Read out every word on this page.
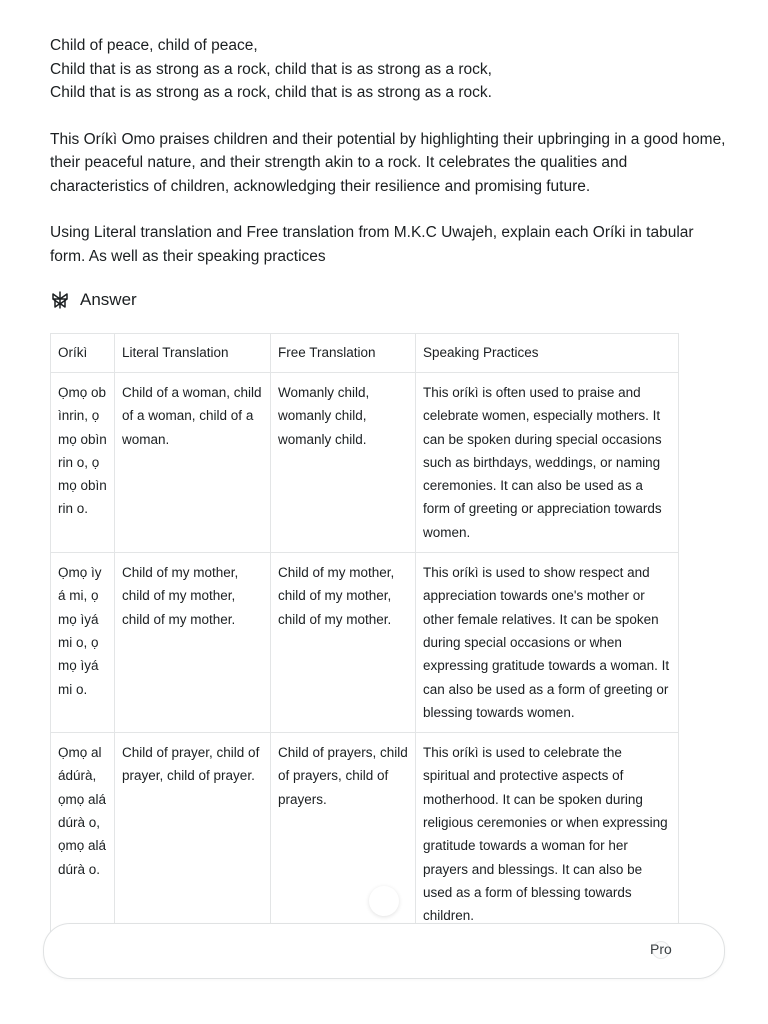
Child of peace, child of peace,
Child that is as strong as a rock, child that is as strong as a rock,
Child that is as strong as a rock, child that is as strong as a rock.
This Oríkì Omo praises children and their potential by highlighting their upbringing in a good home, their peaceful nature, and their strength akin to a rock. It celebrates the qualities and characteristics of children, acknowledging their resilience and promising future.
Using Literal translation and Free translation from M.K.C Uwajeh, explain each Oríki in tabular form. As well as their speaking practices
Answer
Oríkì	Literal Translation	Free Translation	Speaking Practices
Ọmọ obìnrin, ọmọ obìnrin o, ọmọ obìnrin o.	Child of a woman, child of a woman, child of a woman.	Womanly child, womanly child, womanly child.	This oríkì is often used to praise and celebrate women, especially mothers. It can be spoken during special occasions such as birthdays, weddings, or naming ceremonies. It can also be used as a form of greeting or appreciation towards women.
Ọmọ ìyá mi, ọmọ ìyá mi o, ọmọ ìyá mi o.	Child of my mother, child of my mother, child of my mother.	Child of my mother, child of my mother, child of my mother.	This oríkì is used to show respect and appreciation towards one's mother or other female relatives. It can be spoken during special occasions or when expressing gratitude towards a woman. It can also be used as a form of greeting or blessing towards women.
Ọmọ aládúrà, ọmọ aládúrà o, ọmọ aládúrà o.	Child of prayer, child of prayer, child of prayer.	Child of prayers, child of prayers, child of prayers.	This oríkì is used to celebrate the spiritual and protective aspects of motherhood. It can be spoken during religious ceremonies or when expressing gratitude towards a woman for her prayers and blessings. It can also be used as a form of blessing towards children.
Pro
